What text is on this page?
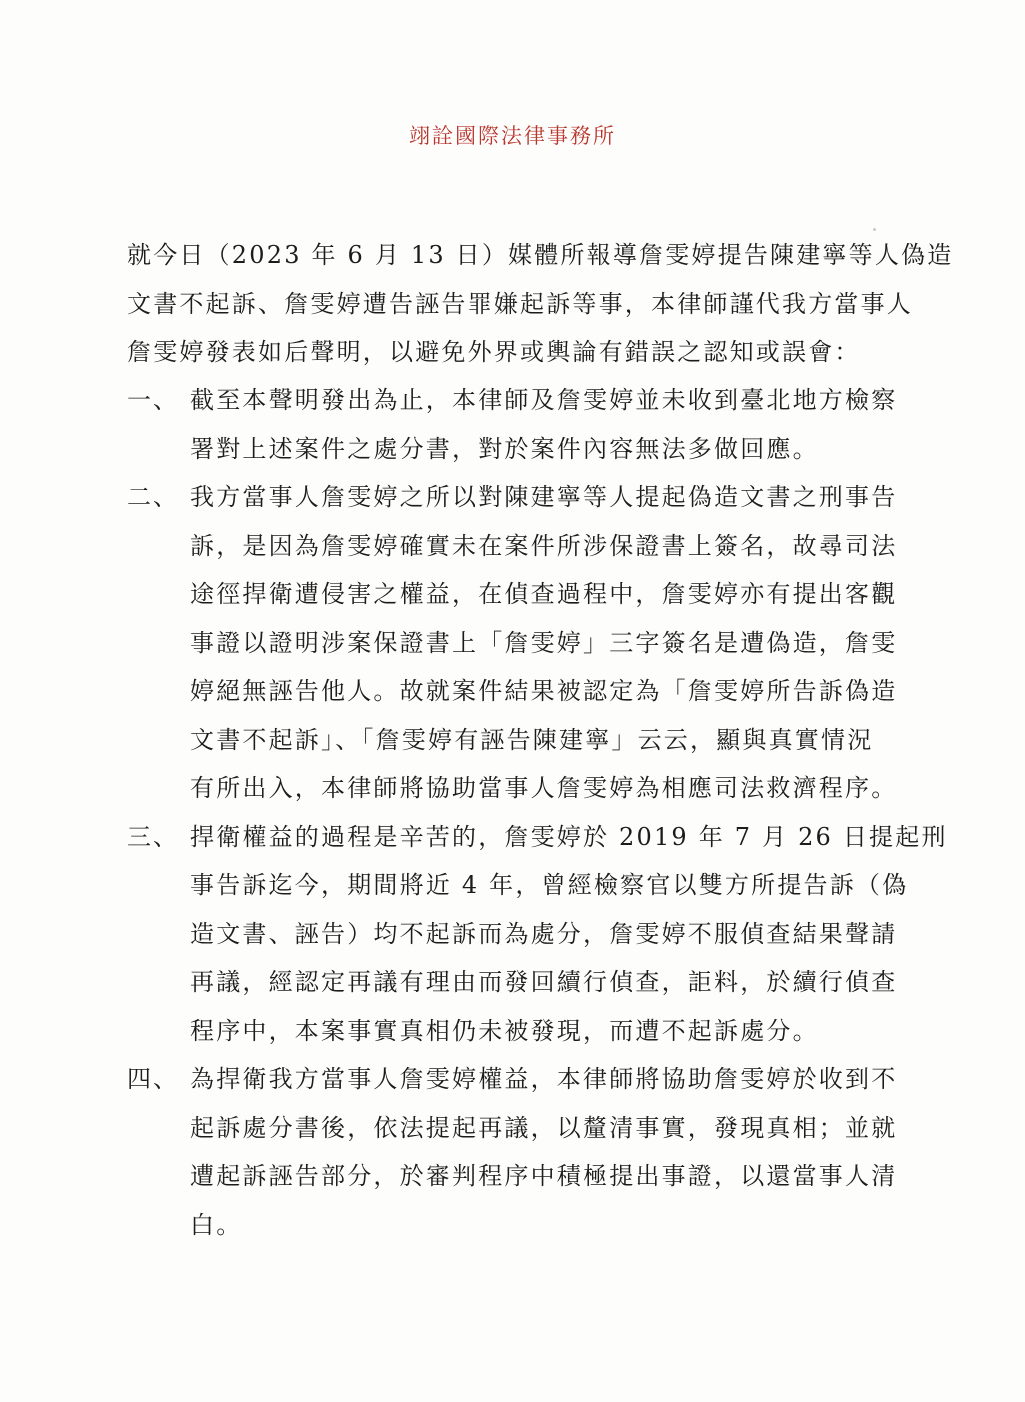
翊詮國際法律事務所
就今日（2023 年 6 月 13 日）媒體所報導詹雯婷提告陳建寧等人偽造
文書不起訴、詹雯婷遭告誣告罪嫌起訴等事，本律師謹代我方當事人
詹雯婷發表如后聲明，以避免外界或輿論有錯誤之認知或誤會：
一、 截至本聲明發出為止，本律師及詹雯婷並未收到臺北地方檢察
署對上述案件之處分書，對於案件內容無法多做回應。
二、 我方當事人詹雯婷之所以對陳建寧等人提起偽造文書之刑事告
訴，是因為詹雯婷確實未在案件所涉保證書上簽名，故尋司法
途徑捍衛遭侵害之權益，在偵查過程中，詹雯婷亦有提出客觀
事證以證明涉案保證書上「詹雯婷」三字簽名是遭偽造，詹雯
婷絕無誣告他人。故就案件結果被認定為「詹雯婷所告訴偽造
文書不起訴」、「詹雯婷有誣告陳建寧」云云，顯與真實情況
有所出入，本律師將協助當事人詹雯婷為相應司法救濟程序。
三、 捍衛權益的過程是辛苦的，詹雯婷於 2019 年 7 月 26 日提起刑
事告訴迄今，期間將近 4 年，曾經檢察官以雙方所提告訴（偽
造文書、誣告）均不起訴而為處分，詹雯婷不服偵查結果聲請
再議，經認定再議有理由而發回續行偵查，詎料，於續行偵查
程序中，本案事實真相仍未被發現，而遭不起訴處分。
四、 為捍衛我方當事人詹雯婷權益，本律師將協助詹雯婷於收到不
起訴處分書後，依法提起再議，以釐清事實，發現真相；並就
遭起訴誣告部分，於審判程序中積極提出事證，以還當事人清
白。
